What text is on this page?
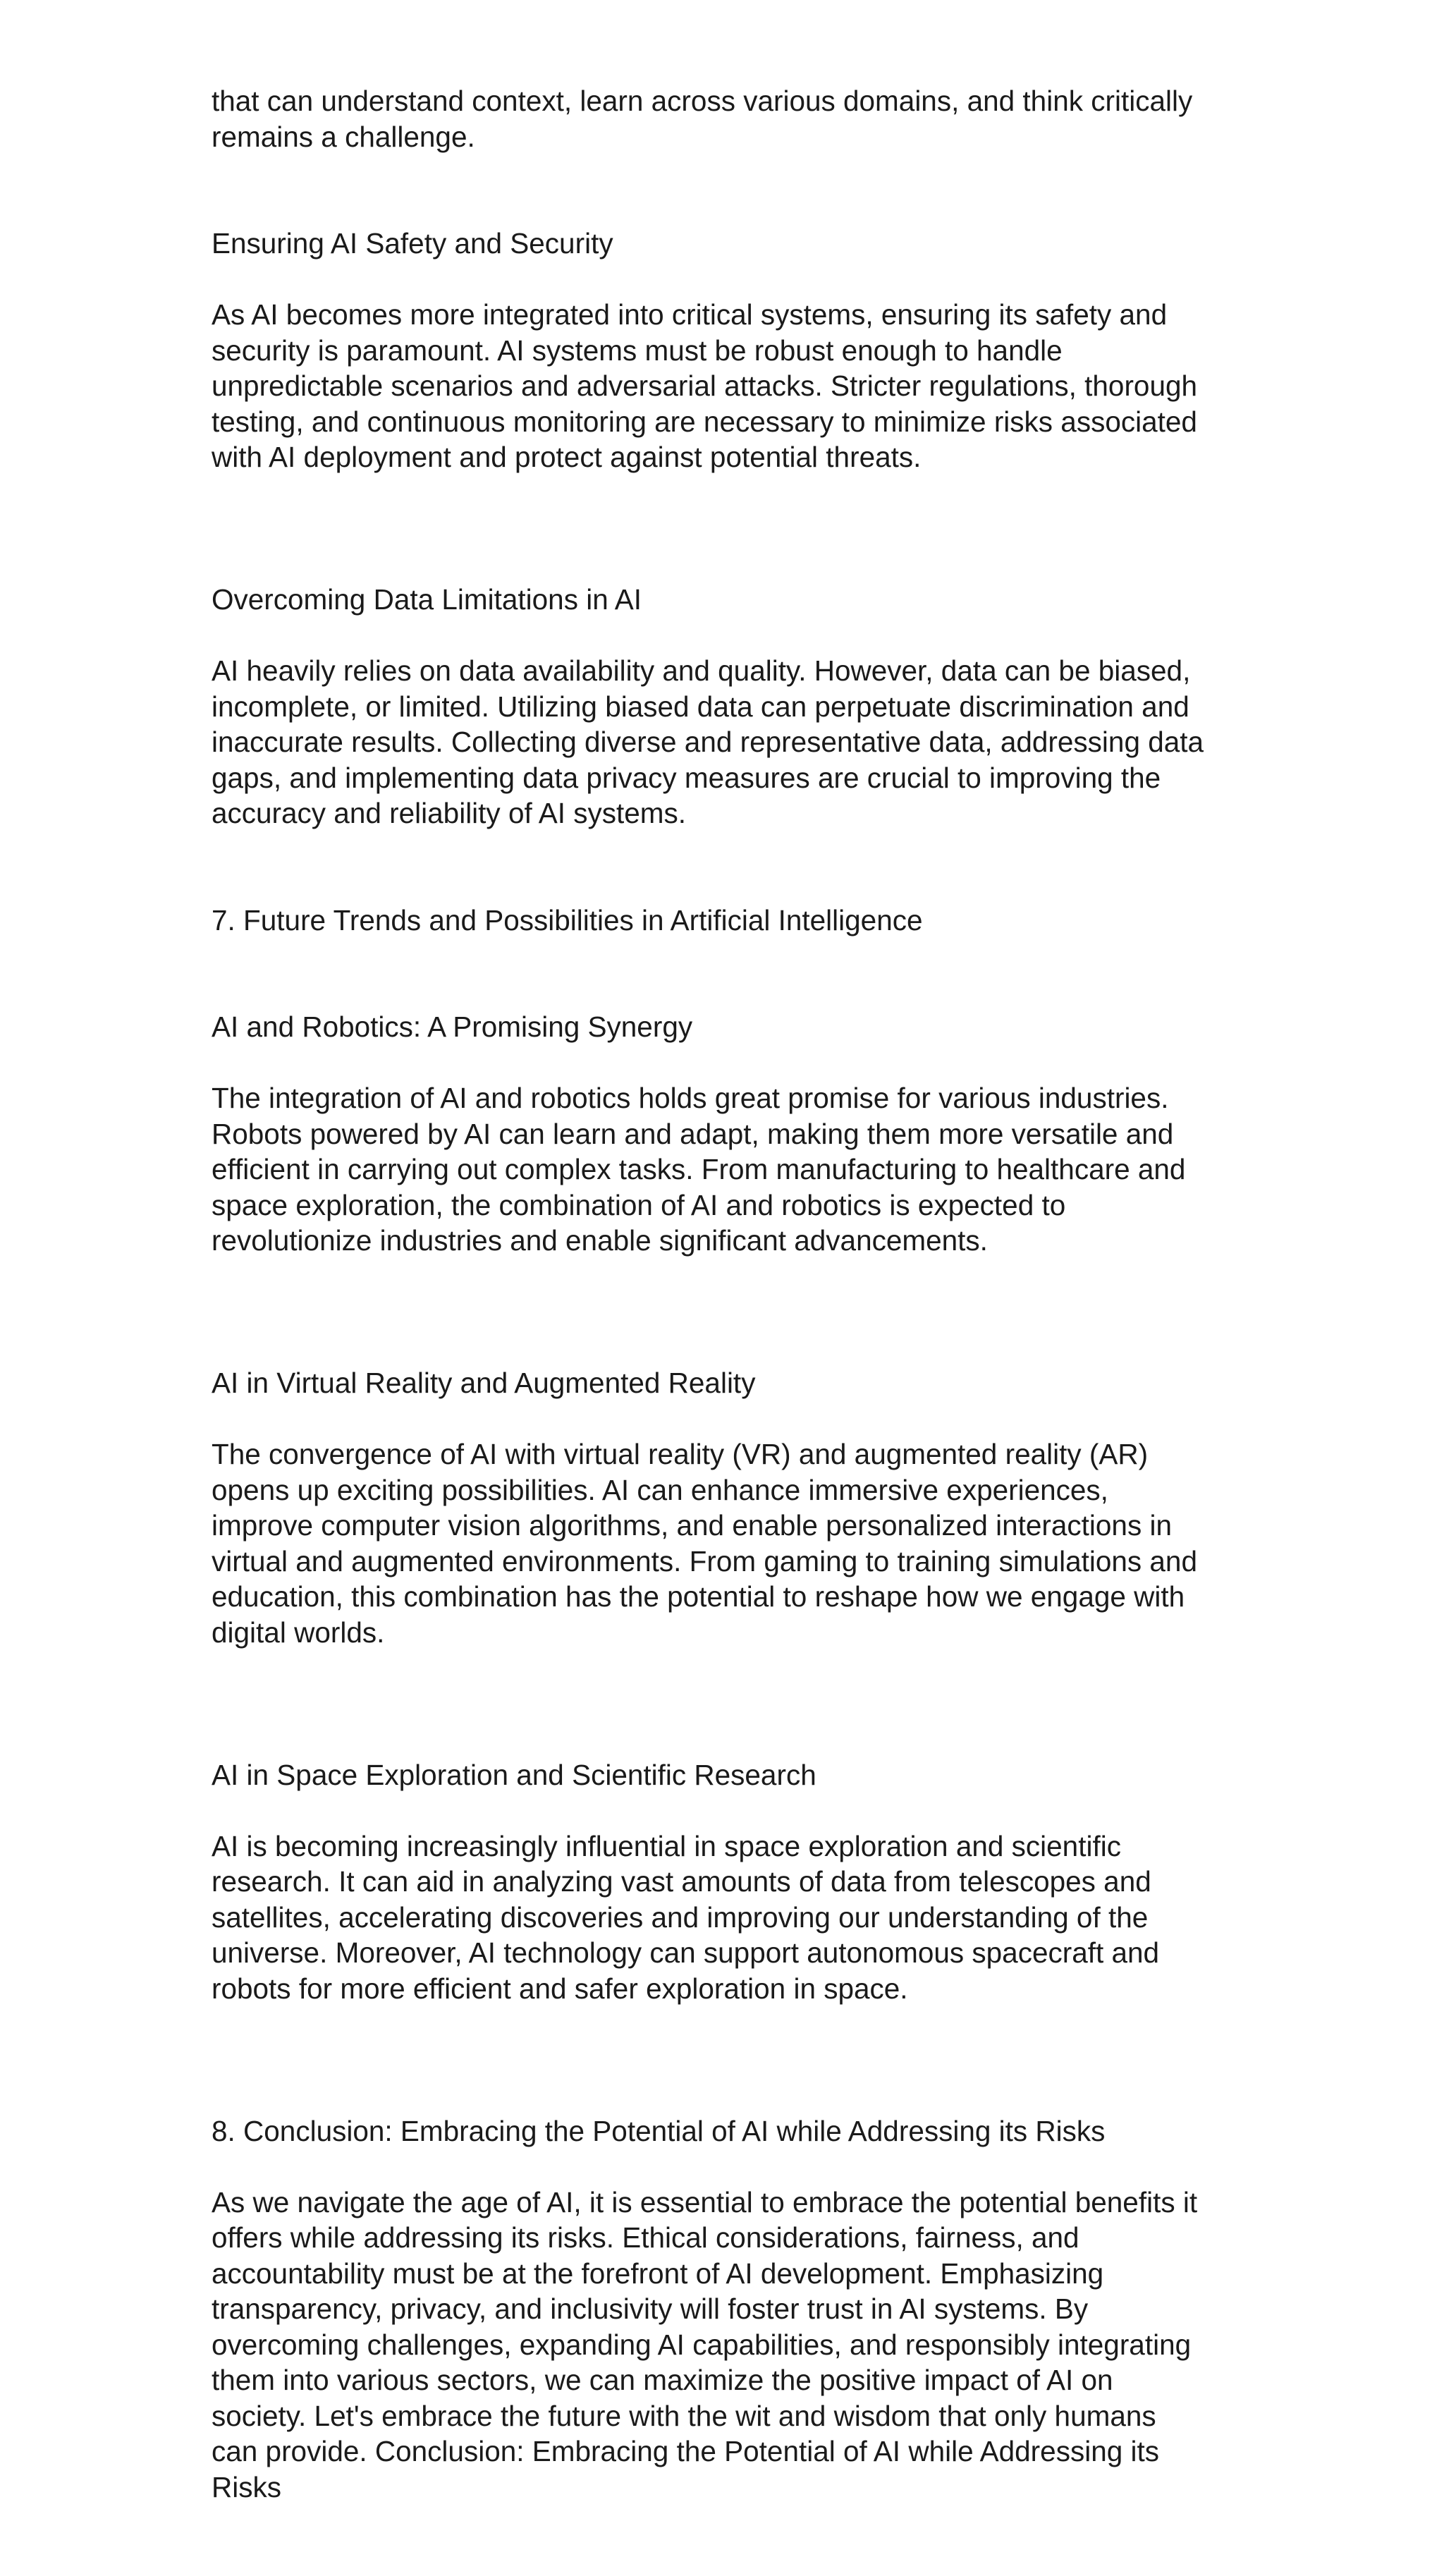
that can understand context, learn across various domains, and think critically
remains a challenge.

Ensuring AI Safety and Security

As AI becomes more integrated into critical systems, ensuring its safety and
security is paramount. AI systems must be robust enough to handle
unpredictable scenarios and adversarial attacks. Stricter regulations, thorough
testing, and continuous monitoring are necessary to minimize risks associated
with AI deployment and protect against potential threats.

Overcoming Data Limitations in AI

AI heavily relies on data availability and quality. However, data can be biased,
incomplete, or limited. Utilizing biased data can perpetuate discrimination and
inaccurate results. Collecting diverse and representative data, addressing data
gaps, and implementing data privacy measures are crucial to improving the
accuracy and reliability of AI systems.

7. Future Trends and Possibilities in Artificial Intelligence

AI and Robotics: A Promising Synergy

The integration of AI and robotics holds great promise for various industries.
Robots powered by AI can learn and adapt, making them more versatile and
efficient in carrying out complex tasks. From manufacturing to healthcare and
space exploration, the combination of AI and robotics is expected to
revolutionize industries and enable significant advancements.

AI in Virtual Reality and Augmented Reality

The convergence of AI with virtual reality (VR) and augmented reality (AR)
opens up exciting possibilities. AI can enhance immersive experiences,
improve computer vision algorithms, and enable personalized interactions in
virtual and augmented environments. From gaming to training simulations and
education, this combination has the potential to reshape how we engage with
digital worlds.

AI in Space Exploration and Scientific Research

AI is becoming increasingly influential in space exploration and scientific
research. It can aid in analyzing vast amounts of data from telescopes and
satellites, accelerating discoveries and improving our understanding of the
universe. Moreover, AI technology can support autonomous spacecraft and
robots for more efficient and safer exploration in space.

8. Conclusion: Embracing the Potential of AI while Addressing its Risks

As we navigate the age of AI, it is essential to embrace the potential benefits it
offers while addressing its risks. Ethical considerations, fairness, and
accountability must be at the forefront of AI development. Emphasizing
transparency, privacy, and inclusivity will foster trust in AI systems. By
overcoming challenges, expanding AI capabilities, and responsibly integrating
them into various sectors, we can maximize the positive impact of AI on
society. Let's embrace the future with the wit and wisdom that only humans
can provide. Conclusion: Embracing the Potential of AI while Addressing its
Risks
